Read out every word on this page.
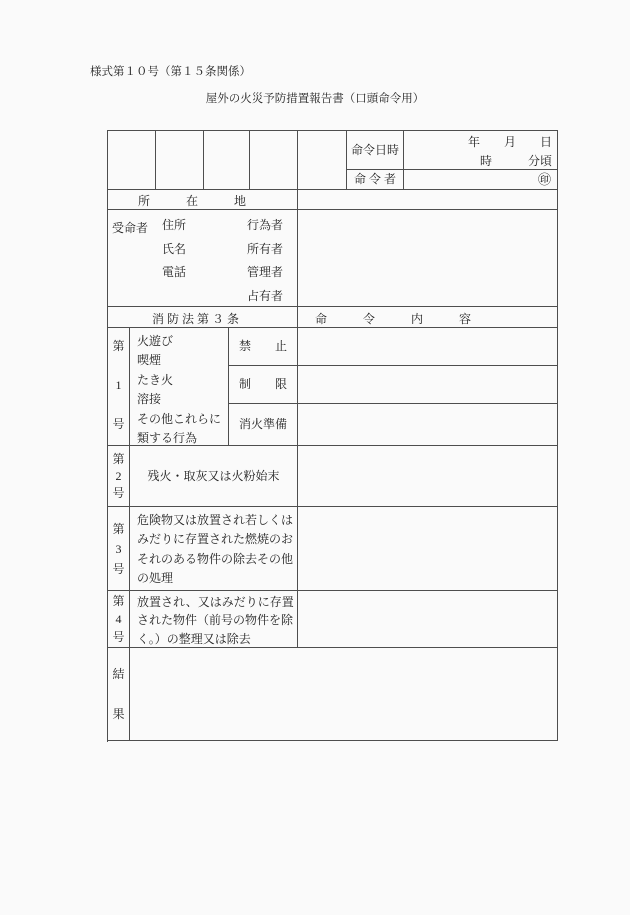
様式第１０号（第１５条関係）
屋外の火災予防措置報告書（口頭命令用）
命令日時
年　　月　　日
時　　　分頃
命 令 者	㊞
所　　　在　　　地
受命者 住所
氏名
電話
行為者
所有者
管理者
占有者
消 防 法 第 ３ 条	命　　　令　　　内　　　容
第
1
号
火遊び
喫煙
たき火
溶接
その他これらに
類する行為
禁　　止
制　　限
消火準備
第
2
号
残火・取灰又は火粉始末
第
3
号
危険物又は放置され若しくは
みだりに存置された燃焼のお
それのある物件の除去その他
の処理
第
4
号
放置され、又はみだりに存置
された物件（前号の物件を除
く。）の整理又は除去
結
果
